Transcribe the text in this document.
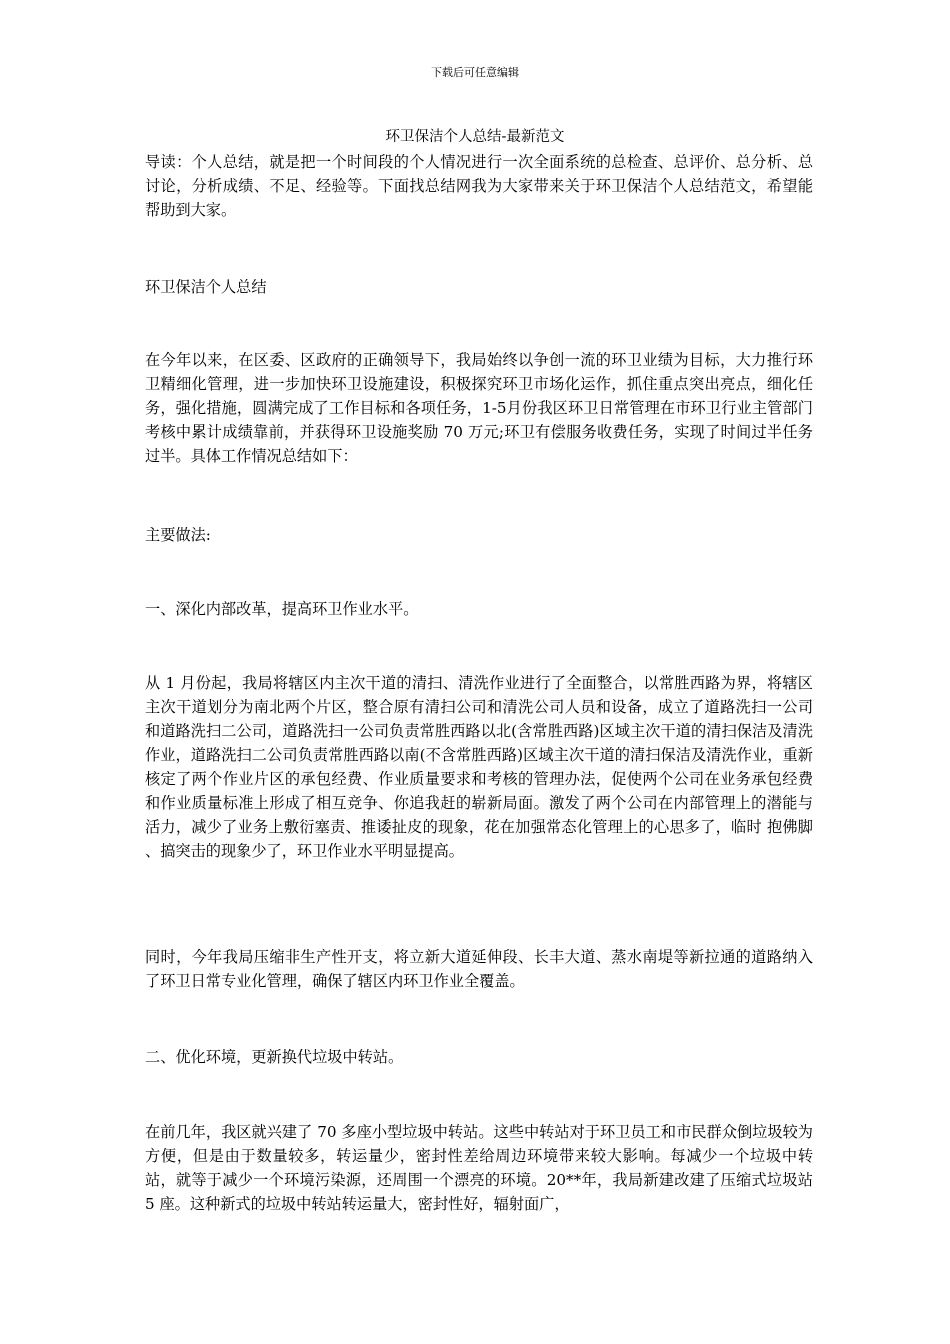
下载后可任意编辑
环卫保洁个人总结-最新范文

导读：个人总结，就是把一个时间段的个人情况进行一次全面系统的总检查、总评价、总分析、总讨论，分析成绩、不足、经验等。下面找总结网我为大家带来关于环卫保洁个人总结范文，希望能帮助到大家。

环卫保洁个人总结

在今年以来，在区委、区政府的正确领导下，我局始终以争创一流的环卫业绩为目标，大力推行环卫精细化管理，进一步加快环卫设施建设，积极探究环卫市场化运作，抓住重点突出亮点，细化任务，强化措施，圆满完成了工作目标和各项任务，1-5月份我区环卫日常管理在市环卫行业主管部门考核中累计成绩靠前，并获得环卫设施奖励 70 万元;环卫有偿服务收费任务，实现了时间过半任务过半。具体工作情况总结如下：

主要做法:

一、深化内部改革，提高环卫作业水平。

从 1 月份起，我局将辖区内主次干道的清扫、清洗作业进行了全面整合，以常胜西路为界，将辖区主次干道划分为南北两个片区，整合原有清扫公司和清洗公司人员和设备，成立了道路洗扫一公司和道路洗扫二公司，道路洗扫一公司负责常胜西路以北(含常胜西路)区域主次干道的清扫保洁及清洗作业，道路洗扫二公司负责常胜西路以南(不含常胜西路)区域主次干道的清扫保洁及清洗作业，重新核定了两个作业片区的承包经费、作业质量要求和考核的管理办法，促使两个公司在业务承包经费和作业质量标准上形成了相互竞争、你追我赶的崭新局面。激发了两个公司在内部管理上的潜能与活力，减少了业务上敷衍塞责、推诿扯皮的现象，花在加强常态化管理上的心思多了，临时 抱佛脚 、搞突击的现象少了，环卫作业水平明显提高。

同时，今年我局压缩非生产性开支，将立新大道延伸段、长丰大道、蒸水南堤等新拉通的道路纳入了环卫日常专业化管理，确保了辖区内环卫作业全覆盖。

二、优化环境，更新换代垃圾中转站。

在前几年，我区就兴建了 70 多座小型垃圾中转站。这些中转站对于环卫员工和市民群众倒垃圾较为方便，但是由于数量较多，转运量少，密封性差给周边环境带来较大影响。每减少一个垃圾中转站，就等于减少一个环境污染源，还周围一个漂亮的环境。20**年，我局新建改建了压缩式垃圾站 5 座。这种新式的垃圾中转站转运量大，密封性好，辐射面广，
